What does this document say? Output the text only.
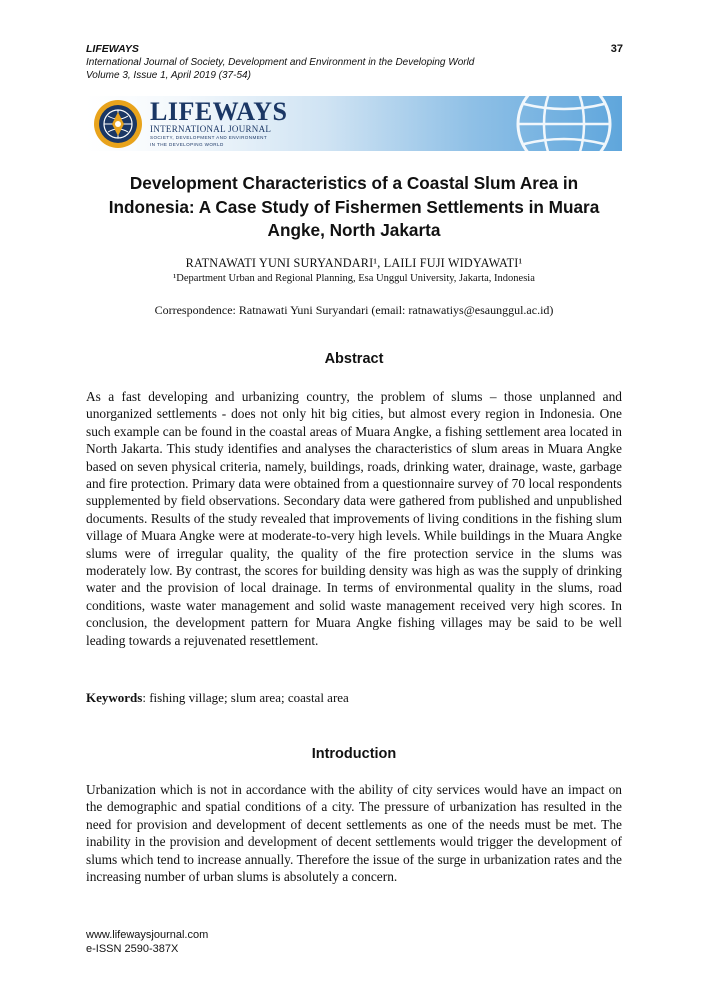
LIFEWAYS
International Journal of Society, Development and Environment in the Developing World
Volume 3, Issue 1, April 2019 (37-54)
37
LIFEWAYS
INTERNATIONAL JOURNAL
SOCIETY, DEVELOPMENT AND ENVIRONMENT
IN THE DEVELOPING WORLD
Development Characteristics of a Coastal Slum Area in Indonesia: A Case Study of Fishermen Settlements in Muara Angke, North Jakarta
RATNAWATI YUNI SURYANDARI¹, LAILI FUJI WIDYAWATI¹
¹Department Urban and Regional Planning, Esa Unggul University, Jakarta, Indonesia
Correspondence: Ratnawati Yuni Suryandari (email: ratnawatiys@esaunggul.ac.id)
Abstract
As a fast developing and urbanizing country, the problem of slums – those unplanned and unorganized settlements - does not only hit big cities, but almost every region in Indonesia. One such example can be found in the coastal areas of Muara Angke, a fishing settlement area located in North Jakarta. This study identifies and analyses the characteristics of slum areas in Muara Angke based on seven physical criteria, namely, buildings, roads, drinking water, drainage, waste, garbage and fire protection. Primary data were obtained from a questionnaire survey of 70 local respondents supplemented by field observations. Secondary data were gathered from published and unpublished documents. Results of the study revealed that improvements of living conditions in the fishing slum village of Muara Angke were at moderate-to-very high levels. While buildings in the Muara Angke slums were of irregular quality, the quality of the fire protection service in the slums was moderately low. By contrast, the scores for building density was high as was the supply of drinking water and the provision of local drainage. In terms of environmental quality in the slums, road conditions, waste water management and solid waste management received very high scores. In conclusion, the development pattern for Muara Angke fishing villages may be said to be well leading towards a rejuvenated resettlement.
Keywords: fishing village; slum area; coastal area
Introduction
Urbanization which is not in accordance with the ability of city services would have an impact on the demographic and spatial conditions of a city. The pressure of urbanization has resulted in the need for provision and development of decent settlements as one of the needs must be met. The inability in the provision and development of decent settlements would trigger the development of slums which tend to increase annually. Therefore the issue of the surge in urbanization rates and the increasing number of urban slums is absolutely a concern.
www.lifewaysjournal.com
e-ISSN 2590-387X
